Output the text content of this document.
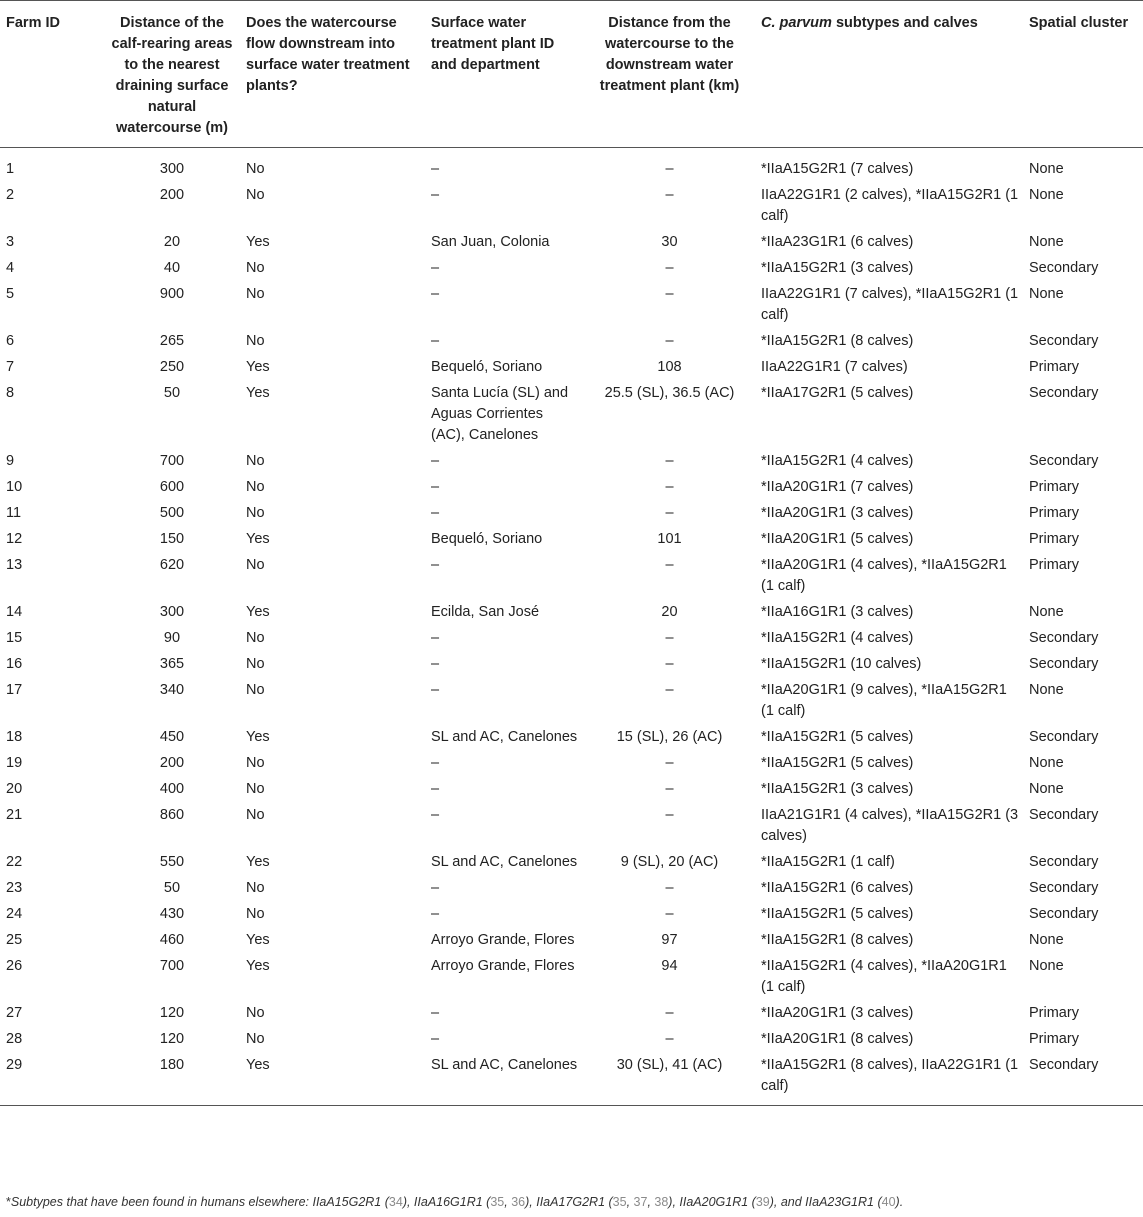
Farm ID	Distance of the calf-rearing areas to the nearest draining surface natural watercourse (m)	Does the watercourse flow downstream into surface water treatment plants?	Surface water treatment plant ID and department	Distance from the watercourse to the downstream water treatment plant (km)	C. parvum subtypes and calves	Spatial cluster
1	300	No	–	–	*IIaA15G2R1 (7 calves)	None
2	200	No	–	–	IIaA22G1R1 (2 calves), *IIaA15G2R1 (1 calf)	None
3	20	Yes	San Juan, Colonia	30	*IIaA23G1R1 (6 calves)	None
4	40	No	–	–	*IIaA15G2R1 (3 calves)	Secondary
5	900	No	–	–	IIaA22G1R1 (7 calves), *IIaA15G2R1 (1 calf)	None
6	265	No	–	–	*IIaA15G2R1 (8 calves)	Secondary
7	250	Yes	Bequeló, Soriano	108	IIaA22G1R1 (7 calves)	Primary
8	50	Yes	Santa Lucía (SL) and Aguas Corrientes (AC), Canelones	25.5 (SL), 36.5 (AC)	*IIaA17G2R1 (5 calves)	Secondary
9	700	No	–	–	*IIaA15G2R1 (4 calves)	Secondary
10	600	No	–	–	*IIaA20G1R1 (7 calves)	Primary
11	500	No	–	–	*IIaA20G1R1 (3 calves)	Primary
12	150	Yes	Bequeló, Soriano	101	*IIaA20G1R1 (5 calves)	Primary
13	620	No	–	–	*IIaA20G1R1 (4 calves), *IIaA15G2R1 (1 calf)	Primary
14	300	Yes	Ecilda, San José	20	*IIaA16G1R1 (3 calves)	None
15	90	No	–	–	*IIaA15G2R1 (4 calves)	Secondary
16	365	No	–	–	*IIaA15G2R1 (10 calves)	Secondary
17	340	No	–	–	*IIaA20G1R1 (9 calves), *IIaA15G2R1 (1 calf)	None
18	450	Yes	SL and AC, Canelones	15 (SL), 26 (AC)	*IIaA15G2R1 (5 calves)	Secondary
19	200	No	–	–	*IIaA15G2R1 (5 calves)	None
20	400	No	–	–	*IIaA15G2R1 (3 calves)	None
21	860	No	–	–	IIaA21G1R1 (4 calves), *IIaA15G2R1 (3 calves)	Secondary
22	550	Yes	SL and AC, Canelones	9 (SL), 20 (AC)	*IIaA15G2R1 (1 calf)	Secondary
23	50	No	–	–	*IIaA15G2R1 (6 calves)	Secondary
24	430	No	–	–	*IIaA15G2R1 (5 calves)	Secondary
25	460	Yes	Arroyo Grande, Flores	97	*IIaA15G2R1 (8 calves)	None
26	700	Yes	Arroyo Grande, Flores	94	*IIaA15G2R1 (4 calves), *IIaA20G1R1 (1 calf)	None
27	120	No	–	–	*IIaA20G1R1 (3 calves)	Primary
28	120	No	–	–	*IIaA20G1R1 (8 calves)	Primary
29	180	Yes	SL and AC, Canelones	30 (SL), 41 (AC)	*IIaA15G2R1 (8 calves), IIaA22G1R1 (1 calf)	Secondary
*Subtypes that have been found in humans elsewhere: IIaA15G2R1 (34), IIaA16G1R1 (35, 36), IIaA17G2R1 (35, 37, 38), IIaA20G1R1 (39), and IIaA23G1R1 (40).
